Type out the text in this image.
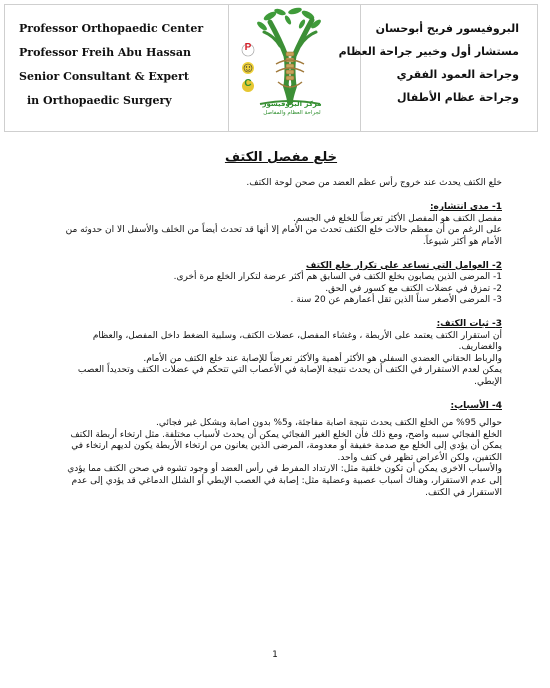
Professor Orthopaedic Center
Professor Freih Abu Hassan
Senior Consultant & Expert
in Orthopaedic Surgery
البروفيسور فريح أبوحسان
مستشار أول وخبير جراحة العظام
وجراحة العمود الفقري
وجراحة عظام الأطفال
P
C
مركز البروفيسور
لجراحة العظام والمفاصل
خلع مفصل الكتف

خلع الكتف يحدث عند خروج رأس عظم العضد من صحن لوحة الكتف.

1- مدى انتشاره:

مفصل الكتف هو المفصل الأكثر تعرضاً للخلع في الجسم.

على الرغم من أن معظم حالات خلع الكتف تحدث من الأمام إلا أنها قد تحدث أيضاً من الخلف والأسفل الا ان حدوثه من الأمام هو أكثر شيوعاً.

2- العوامل التي تساعد على تكرار خلع الكتف

1- المرضى الذين يصابون بخلع الكتف في السابق هم أكثر عرضة لتكرار الخلع مرة أخرى.

2- تمزق في عضلات الكتف مع كسور في الحق.

3- المرضى الأصغر سناً الذين تقل أعمارهم عن 20 سنة .

3- ثبات الكتف:

أن استقرار الكتف يعتمد على الأربطة ، وغشاء المفصل، عضلات الكتف، وسلبية الضغط داخل المفصل، والعظام والغضاريف.

والرباط الحقاني العضدي السفلي هو الأكثر أهمية والأكثر تعرضاً للإصابة عند خلع الكتف من الأمام.

يمكن لعدم الاستقرار في الكتف أن يحدث نتيجة الإصابة في الأعصاب التي تتحكم في عضلات الكتف وتحديداً العصب الإبطي.

4- الأسباب:

حوالي 95% من الخلع الكتف يحدث نتيجة اصابة مفاجئة، و5% بدون اصابة وبشكل غير فجائي.

الخلع الفجائي سببه واضح، ومع ذلك فأن الخلع الغير الفجائي يمكن أن يحدث لأسباب مختلفة. مثل ارتخاء أربطة الكتف يمكن أن يؤدي إلى الخلع مع صدمة خفيفة أو معدومة، المرضى الذين يعانون من ارتخاء الأربطة يكون لديهم ارتخاء في الكتفين، ولكن الأعراض تظهر في كتف واحد.

والأسباب الاخرى يمكن أن تكون خلقية مثل: الارتداد المفرط في رأس العضد أو وجود تشوه في صحن الكتف مما يؤدي إلى عدم الاستقرار، وهناك أسباب عصبية وعضلية مثل: إصابة في العصب الإبطي أو الشلل الدماغي قد يؤدي إلى عدم الاستقرار في الكتف.

1
